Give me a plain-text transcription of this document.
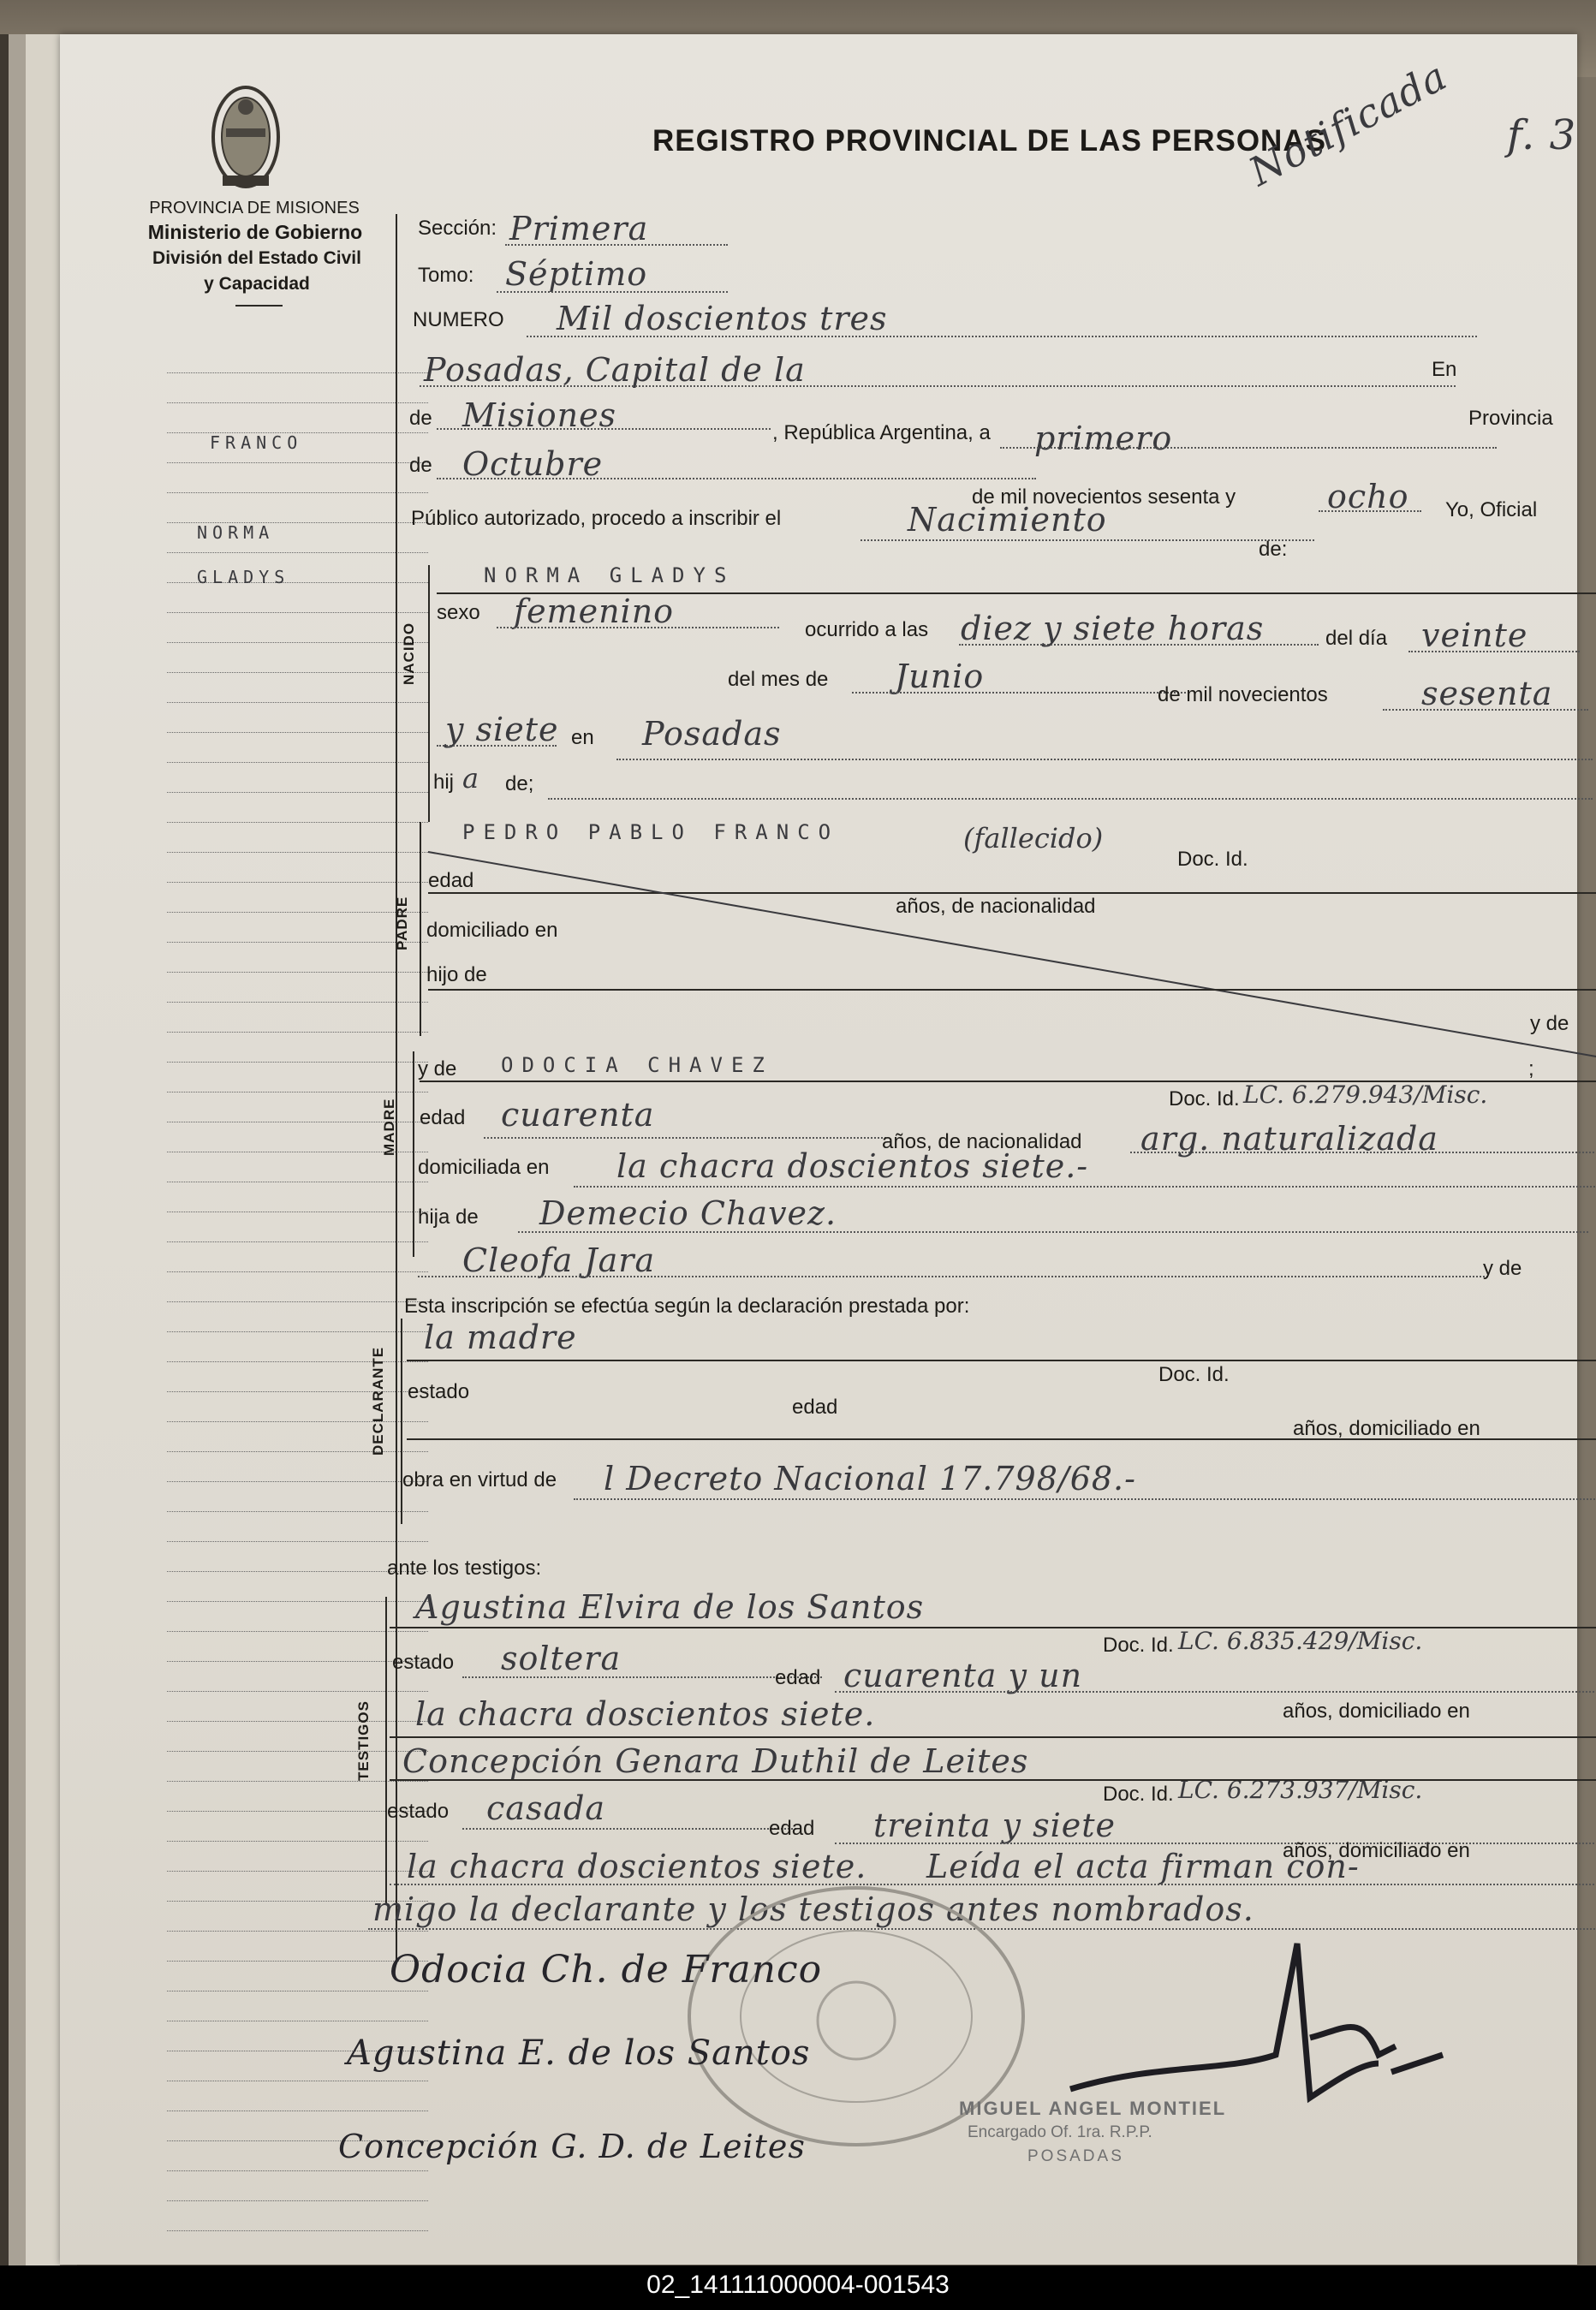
PROVINCIA DE MISIONES
Ministerio de Gobierno
División del Estado Civil
y Capacidad
REGISTRO PROVINCIAL DE LAS PERSONAS
Notificada f. 3
FRANCO
NORMA
GLADYS
Sección: Primera
Tomo: Séptimo
NUMERO Mil doscientos tres
Posadas, Capital de la	En
de Misiones	, República Argentina, a primero
Provincia
de Octubre
de mil novecientos sesenta y	ocho Yo, Oficial
Público autorizado, procedo a inscribir el	Nacimiento
de:
NACIDO
NORMA GLADYS
sexo femenino	ocurrido a las diez y siete horas	del día veinte
del mes de Junio	de mil novecientos	sesenta
y siete en Posadas
hij a de;
PADRE
PEDRO PABLO FRANCO	(fallecido)
Doc. Id.
edad
años, de nacionalidad
domiciliado en
hijo de
y de
;
MADRE
y de ODOCIA CHAVEZ
Doc. Id. LC. 6.279.943/Misc.
edad cuarenta
años, de nacionalidad arg. naturalizada
domiciliada en la chacra doscientos siete.-
hija de Demecio Chavez.
Cleofa Jara	y de
Esta inscripción se efectúa según la declaración prestada por:
DECLARANTE
la madre
Doc. Id.
estado
edad
años, domiciliado en
obra en virtud de l Decreto Nacional 17.798/68.-
ante los testigos:
TESTIGOS
Agustina Elvira de los Santos
Doc. Id. LC. 6.835.429/Misc.
estado soltera
edad cuarenta y un
la chacra doscientos siete.	años, domiciliado en
Concepción Genara Duthil de Leites
Doc. Id. LC. 6.273.937/Misc.
estado casada
edad treinta y siete
la chacra doscientos siete.	años, domiciliado en
Leída el acta firman con-
migo la declarante y los testigos antes nombrados.
Odocia Ch. de Franco
Agustina E. de los Santos
Concepción G. D. de Leites
MIGUEL ANGEL MONTIEL
Encargado Of. 1ra. R.P.P.
POSADAS
02_141111000004-001543
